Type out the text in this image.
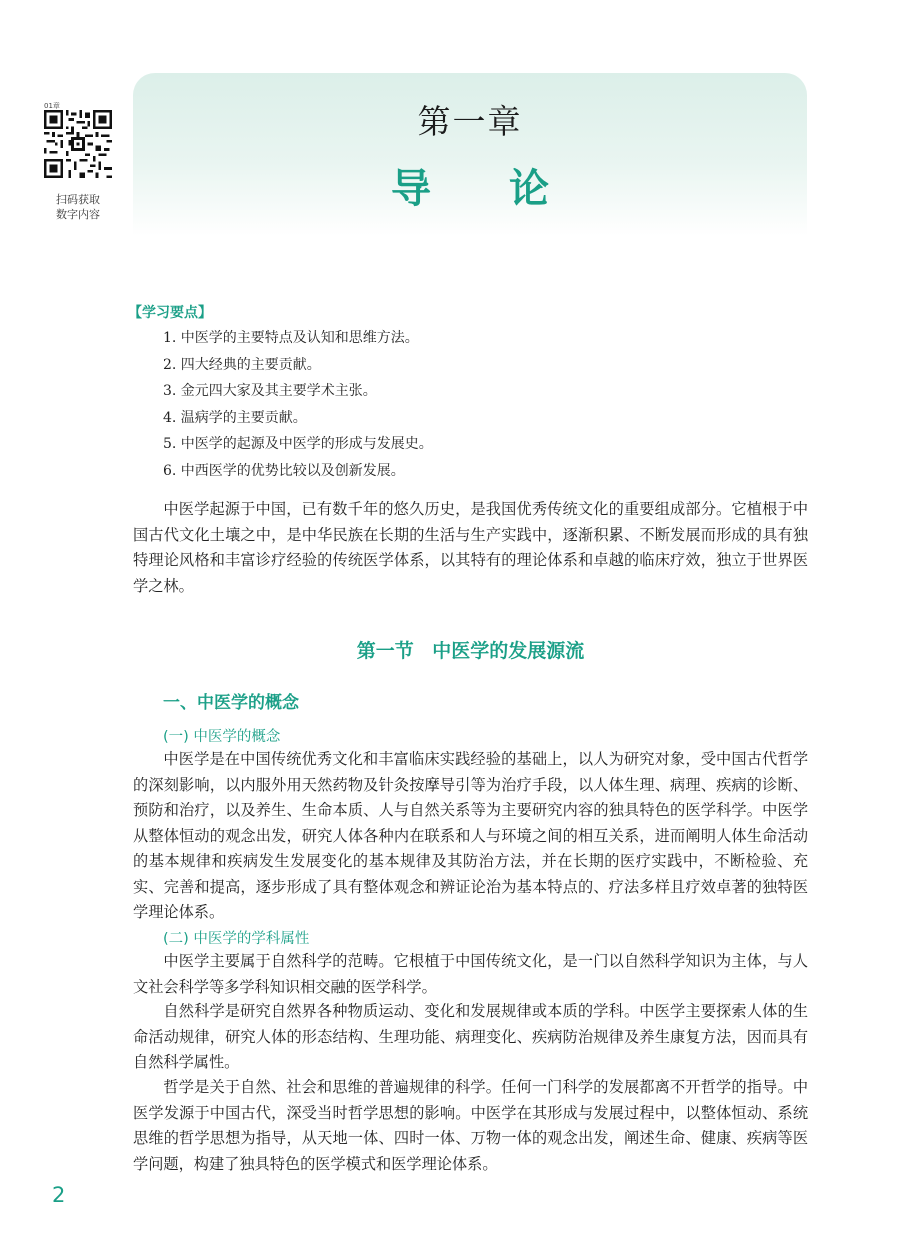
01章
扫码获取
数字内容
第一章
导论
【学习要点】
1. 中医学的主要特点及认知和思维方法。
2. 四大经典的主要贡献。
3. 金元四大家及其主要学术主张。
4. 温病学的主要贡献。
5. 中医学的起源及中医学的形成与发展史。
6. 中西医学的优势比较以及创新发展。

中医学起源于中国，已有数千年的悠久历史，是我国优秀传统文化的重要组成部分。它植根于中国古代文化土壤之中，是中华民族在长期的生活与生产实践中，逐渐积累、不断发展而形成的具有独特理论风格和丰富诊疗经验的传统医学体系，以其特有的理论体系和卓越的临床疗效，独立于世界医学之林。

第一节 中医学的发展源流
一、中医学的概念
(一) 中医学的概念

中医学是在中国传统优秀文化和丰富临床实践经验的基础上，以人为研究对象，受中国古代哲学的深刻影响，以内服外用天然药物及针灸按摩导引等为治疗手段，以人体生理、病理、疾病的诊断、预防和治疗，以及养生、生命本质、人与自然关系等为主要研究内容的独具特色的医学科学。中医学从整体恒动的观念出发，研究人体各种内在联系和人与环境之间的相互关系，进而阐明人体生命活动的基本规律和疾病发生发展变化的基本规律及其防治方法，并在长期的医疗实践中，不断检验、充实、完善和提高，逐步形成了具有整体观念和辨证论治为基本特点的、疗法多样且疗效卓著的独特医学理论体系。

(二) 中医学的学科属性

中医学主要属于自然科学的范畴。它根植于中国传统文化，是一门以自然科学知识为主体，与人文社会科学等多学科知识相交融的医学科学。

自然科学是研究自然界各种物质运动、变化和发展规律或本质的学科。中医学主要探索人体的生命活动规律，研究人体的形态结构、生理功能、病理变化、疾病防治规律及养生康复方法，因而具有自然科学属性。

哲学是关于自然、社会和思维的普遍规律的科学。任何一门科学的发展都离不开哲学的指导。中医学发源于中国古代，深受当时哲学思想的影响。中医学在其形成与发展过程中，以整体恒动、系统思维的哲学思想为指导，从天地一体、四时一体、万物一体的观念出发，阐述生命、健康、疾病等医学问题，构建了独具特色的医学模式和医学理论体系。

2
